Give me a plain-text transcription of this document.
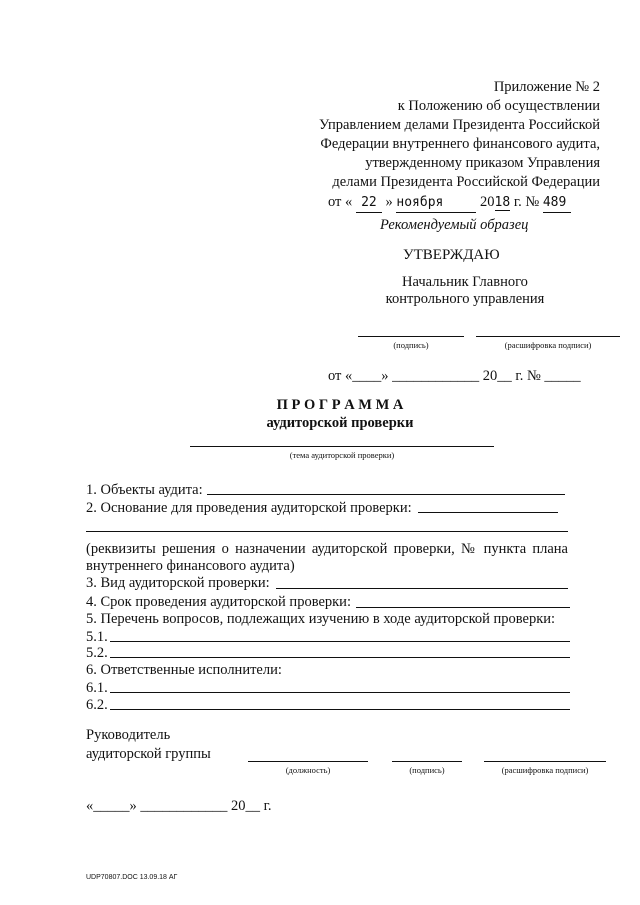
Приложение № 2
к Положению об осуществлении
Управлением делами Президента Российской
Федерации внутреннего финансового аудита,
утвержденному приказом Управления
делами Президента Российской Федерации
от « 22 » ноября	2018 г. № 489
Рекомендуемый образец
УТВЕРЖДАЮ
Начальник Главного
контрольного управления
(подпись)	(расшифровка подписи)
от «____» ____________ 20__ г. № _____
П Р О Г Р А М М А
аудиторской проверки
(тема аудиторской проверки)
1. Объекты аудита:
2. Основание для проведения аудиторской проверки:
(реквизиты решения о назначении аудиторской проверки, № пункта плана
внутреннего финансового аудита)
3. Вид аудиторской проверки:
4. Срок проведения аудиторской проверки:
5. Перечень вопросов, подлежащих изучению в ходе аудиторской проверки:
5.1.
5.2.
6. Ответственные исполнители:
6.1.
6.2.
Руководитель
аудиторской группы
(должность)	(подпись)	(расшифровка подписи)
«_____» ____________ 20__ г.
UDP70807.DOC 13.09.18 АГ
